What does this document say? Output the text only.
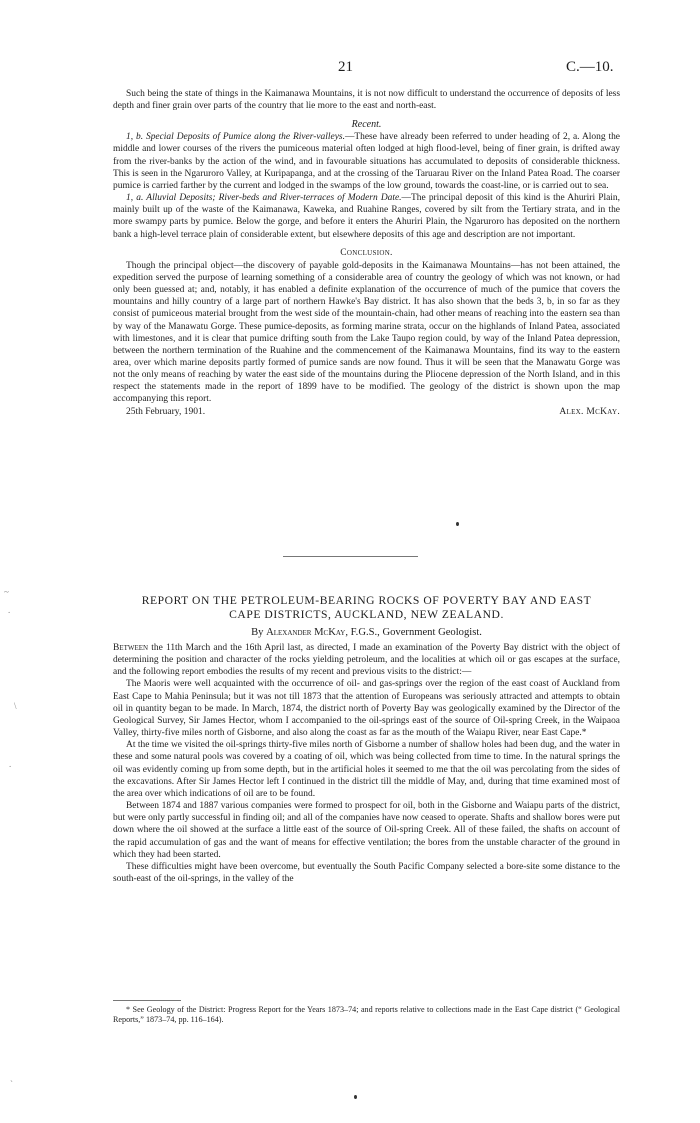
21	C.—10.

Such being the state of things in the Kaimanawa Mountains, it is not now difficult to understand the occurrence of deposits of less depth and finer grain over parts of the country that lie more to the east and north-east.

Recent.

1, b. Special Deposits of Pumice along the River-valleys.—These have already been referred to under heading of 2, a. Along the middle and lower courses of the rivers the pumiceous material often lodged at high flood-level, being of finer grain, is drifted away from the river-banks by the action of the wind, and in favourable situations has accumulated to deposits of considerable thickness. This is seen in the Ngaruroro Valley, at Kuripapanga, and at the crossing of the Taruarau River on the Inland Patea Road. The coarser pumice is carried farther by the current and lodged in the swamps of the low ground, towards the coast-line, or is carried out to sea.

1, a. Alluvial Deposits; River-beds and River-terraces of Modern Date.—The principal deposit of this kind is the Ahuriri Plain, mainly built up of the waste of the Kaimanawa, Kaweka, and Ruahine Ranges, covered by silt from the Tertiary strata, and in the more swampy parts by pumice. Below the gorge, and before it enters the Ahuriri Plain, the Ngaruroro has deposited on the northern bank a high-level terrace plain of considerable extent, but elsewhere deposits of this age and description are not important.

Conclusion.

Though the principal object—the discovery of payable gold-deposits in the Kaimanawa Mountains—has not been attained, the expedition served the purpose of learning something of a considerable area of country the geology of which was not known, or had only been guessed at; and, notably, it has enabled a definite explanation of the occurrence of much of the pumice that covers the mountains and hilly country of a large part of northern Hawke's Bay district. It has also shown that the beds 3, b, in so far as they consist of pumiceous material brought from the west side of the mountain-chain, had other means of reaching into the eastern sea than by way of the Manawatu Gorge. These pumice-deposits, as forming marine strata, occur on the highlands of Inland Patea, associated with limestones, and it is clear that pumice drifting south from the Lake Taupo region could, by way of the Inland Patea depression, between the northern termination of the Ruahine and the commencement of the Kaimanawa Mountains, find its way to the eastern area, over which marine deposits partly formed of pumice sands are now found. Thus it will be seen that the Manawatu Gorge was not the only means of reaching by water the east side of the mountains during the Pliocene depression of the North Island, and in this respect the statements made in the report of 1899 have to be modified. The geology of the district is shown upon the map accompanying this report.

25th February, 1901.	Alex. McKay.
REPORT ON THE PETROLEUM-BEARING ROCKS OF POVERTY BAY AND EAST
CAPE DISTRICTS, AUCKLAND, NEW ZEALAND.
By Alexander McKay, F.G.S., Government Geologist.

Between the 11th March and the 16th April last, as directed, I made an examination of the Poverty Bay district with the object of determining the position and character of the rocks yielding petroleum, and the localities at which oil or gas escapes at the surface, and the following report embodies the results of my recent and previous visits to the district:—

The Maoris were well acquainted with the occurrence of oil- and gas-springs over the region of the east coast of Auckland from East Cape to Mahia Peninsula; but it was not till 1873 that the attention of Europeans was seriously attracted and attempts to obtain oil in quantity began to be made. In March, 1874, the district north of Poverty Bay was geologically examined by the Director of the Geological Survey, Sir James Hector, whom I accompanied to the oil-springs east of the source of Oil-spring Creek, in the Waipaoa Valley, thirty-five miles north of Gisborne, and also along the coast as far as the mouth of the Waiapu River, near East Cape.*

At the time we visited the oil-springs thirty-five miles north of Gisborne a number of shallow holes had been dug, and the water in these and some natural pools was covered by a coating of oil, which was being collected from time to time. In the natural springs the oil was evidently coming up from some depth, but in the artificial holes it seemed to me that the oil was percolating from the sides of the excavations. After Sir James Hector left I continued in the district till the middle of May, and, during that time examined most of the area over which indications of oil are to be found.

Between 1874 and 1887 various companies were formed to prospect for oil, both in the Gisborne and Waiapu parts of the district, but were only partly successful in finding oil; and all of the companies have now ceased to operate. Shafts and shallow bores were put down where the oil showed at the surface a little east of the source of Oil-spring Creek. All of these failed, the shafts on account of the rapid accumulation of gas and the want of means for effective ventilation; the bores from the unstable character of the ground in which they had been started.

These difficulties might have been overcome, but eventually the South Pacific Company selected a bore-site some distance to the south-east of the oil-springs, in the valley of the

* See Geology of the District: Progress Report for the Years 1873–74; and reports relative to collections made in the East Cape district (“ Geological Reports,” 1873–74, pp. 116–164).

~
.
\
.
`
